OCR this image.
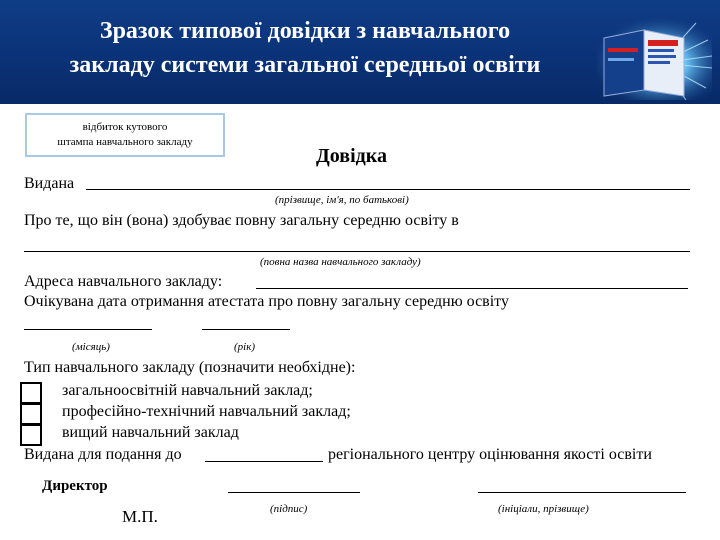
Зразок типової довідки з навчального
закладу системи загальної середньої освіти
відбиток кутового
штампа навчального закладу
Довідка
Видана
(прізвище, ім'я, по батькові)
Про те, що він (вона) здобуває повну загальну середню освіту в
(повна назва навчального закладу)
Адреса навчального закладу:
Очікувана дата отримання атестата про повну загальну середню освіту
(місяць)	(рік)
Тип навчального закладу (позначити необхідне):
загальноосвітній навчальний заклад;
професійно-технічний навчальний заклад;
вищий навчальний заклад
Видана для подання до	регіонального центру оцінювання якості освіти
Директор
(підпис)	(ініціали, прізвище)
М.П.
